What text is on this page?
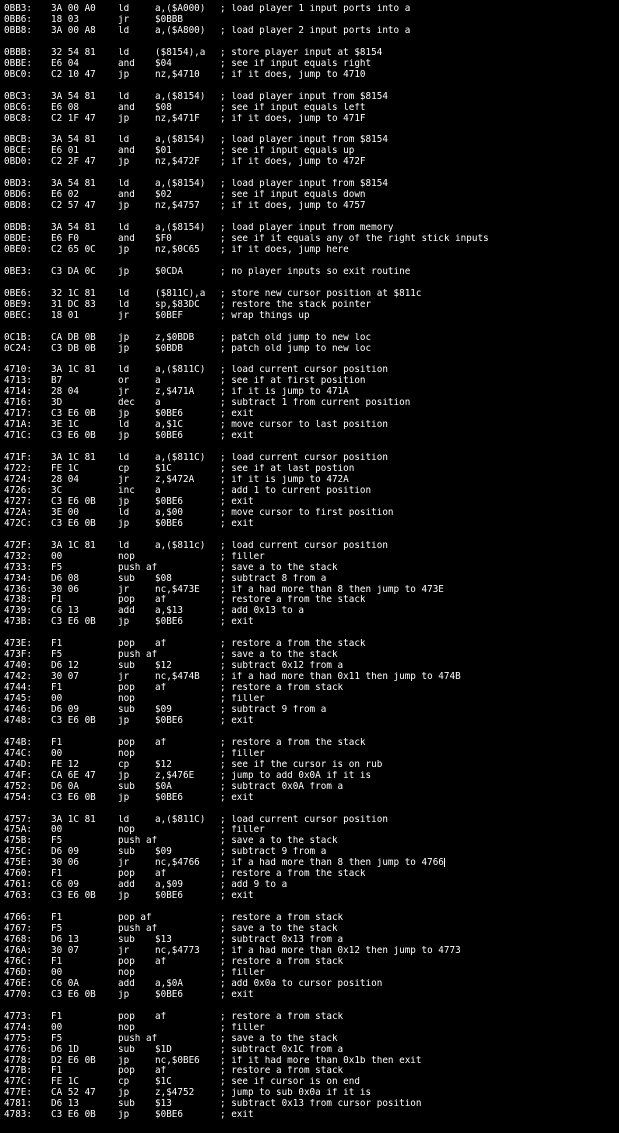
0BB3: 3A 00 A0 ld	a,($A000) ; load player 1 input ports into a
0BB6: 18 03	jr	$0BBB
0BB8: 3A 00 A8 ld	a,($A800) ; load player 2 input ports into a
0BBB: 32 54 81 ld	($8154),a ; store player input at $8154
0BBE: E6 04	and $04	; see if input equals right
0BC0: C2 10 47 jp	nz,$4710 ; if it does, jump to 4710
0BC3: 3A 54 81 ld	a,($8154) ; load player input from $8154
0BC6: E6 08	and $08	; see if input equals left
0BC8: C2 1F 47 jp	nz,$471F ; if it does, jump to 471F
0BCB: 3A 54 81 ld	a,($8154) ; load player input from $8154
0BCE: E6 01	and $01	; see if input equals up
0BD0: C2 2F 47 jp	nz,$472F ; if it does, jump to 472F
0BD3: 3A 54 81 ld	a,($8154) ; load player input from $8154
0BD6: E6 02	and $02	; see if input equals down
0BD8: C2 57 47 jp	nz,$4757 ; if it does, jump to 4757
0BDB: 3A 54 81 ld	a,($8154) ; load player input from memory
0BDE: E6 F0	and $F0	; see if it equals any of the right stick inputs
0BE0: C2 65 0C jp	nz,$0C65 ; if it does, jump here
0BE3: C3 DA 0C jp	$0CDA	; no player inputs so exit routine
0BE6: 32 1C 81 ld	($811C),a ; store new cursor position at $811c
0BE9: 31 DC 83 ld	sp,$83DC ; restore the stack pointer
0BEC: 18 01	jr	$0BEF	; wrap things up
0C1B: CA DB 0B jp	z,$0BDB	; patch old jump to new loc
0C24: C3 DB 0B jp	$0BDB	; patch old jump to new loc
4710: 3A 1C 81 ld	a,($811C) ; load current cursor position
4713: B7	or	a	; see if at first position
4714: 28 04	jr	z,$471A	; if it is jump to 471A
4716: 3D	dec a	; subtract 1 from current position
4717: C3 E6 0B jp	$0BE6	; exit
471A: 3E 1C	ld	a,$1C	; move cursor to last position
471C: C3 E6 0B jp	$0BE6	; exit
471F: 3A 1C 81 ld	a,($811C) ; load current cursor position
4722: FE 1C	cp	$1C	; see if at last postion
4724: 28 04	jr	z,$472A	; if it is jump to 472A
4726: 3C	inc a	; add 1 to current position
4727: C3 E6 0B jp	$0BE6	; exit
472A: 3E 00	ld	a,$00	; move cursor to first position
472C: C3 E6 0B jp	$0BE6	; exit
472F: 3A 1C 81 ld	a,($811c) ; load current cursor position
4732: 00	nop	; filler
4733: F5	push af	; save a to the stack
4734: D6 08	sub $08	; subtract 8 from a
4736: 30 06	jr	nc,$473E ; if a had more than 8 then jump to 473E
4738: F1	pop af	; restore a from the stack
4739: C6 13	add a,$13	; add 0x13 to a
473B: C3 E6 0B jp	$0BE6	; exit
473E: F1	pop af	; restore a from the stack
473F: F5	push af	; save a to the stack
4740: D6 12	sub $12	; subtract 0x12 from a
4742: 30 07	jr	nc,$474B ; if a had more than 0x11 then jump to 474B
4744: F1	pop af	; restore a from stack
4745: 00	nop	; filler
4746: D6 09	sub $09	; subtract 9 from a
4748: C3 E6 0B jp	$0BE6	; exit
474B: F1	pop af	; restore a from the stack
474C: 00	nop	; filler
474D: FE 12	cp	$12	; see if the cursor is on rub
474F: CA 6E 47 jp	z,$476E	; jump to add 0x0A if it is
4752: D6 0A	sub $0A	; subtract 0x0A from a
4754: C3 E6 0B jp	$0BE6	; exit
4757: 3A 1C 81 ld	a,($811C) ; load current cursor position
475A: 00	nop	; filler
475B: F5	push af	; save a to the stack
475C: D6 09	sub $09	; subtract 9 from a
475E: 30 06	jr	nc,$4766 ; if a had more than 8 then jump to 4766
4760: F1	pop af	; restore a from the stack
4761: C6 09	add a,$09	; add 9 to a
4763: C3 E6 0B jp	$0BE6	; exit
4766: F1	pop af	; restore a from stack
4767: F5	push af	; save a to the stack
4768: D6 13	sub $13	; subtract 0x13 from a
476A: 30 07	jr	nc,$4773 ; if a had more than 0x12 then jump to 4773
476C: F1	pop af	; restore a from stack
476D: 00	nop	; filler
476E: C6 0A	add a,$0A	; add 0x0a to cursor position
4770: C3 E6 0B jp	$0BE6	; exit
4773: F1	pop af	; restore a from stack
4774: 00	nop	; filler
4775: F5	push af	; save a to the stack
4776: D6 1D	sub $1D	; subtract 0x1C from a
4778: D2 E6 0B jp	nc,$0BE6 ; if it had more than 0x1b then exit
477B: F1	pop af	; restore a from stack
477C: FE 1C	cp	$1C	; see if cursor is on end
477E: CA 52 47 jp	z,$4752	; jump to sub 0x0a if it is
4781: D6 13	sub $13	; subtract 0x13 from cursor position
4783: C3 E6 0B jp	$0BE6	; exit
